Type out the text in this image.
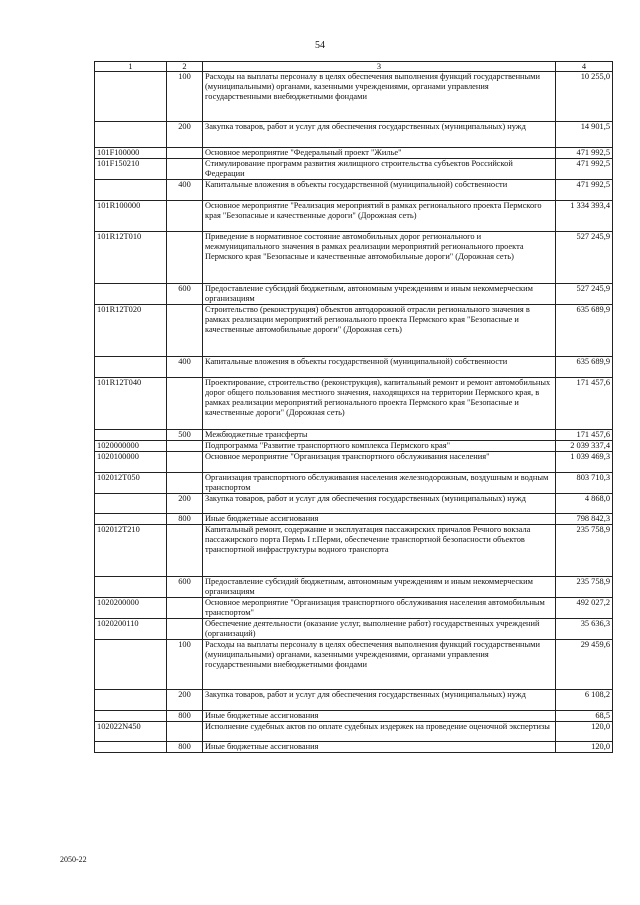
54
1	2	3	4
	100	Расходы на выплаты персоналу в целях обеспечения выполнения функций государственными (муниципальными) органами, казенными учреждениями, органами управления государственными внебюджетными фондами	10 255,0
	200	Закупка товаров, работ и услуг для обеспечения государственных (муниципальных) нужд	14 901,5
101F100000		Основное мероприятие "Федеральный проект "Жилье"	471 992,5
101F150210		Стимулирование программ развития жилищного строительства субъектов Российской Федерации	471 992,5
	400	Капитальные вложения в объекты государственной (муниципальной) собственности	471 992,5
101R100000		Основное мероприятие "Реализация мероприятий в рамках регионального проекта Пермского края "Безопасные и качественные дороги" (Дорожная сеть)	1 334 393,4
101R12T010		Приведение в нормативное состояние автомобильных дорог регионального и межмуниципального значения в рамках реализации мероприятий регионального проекта Пермского края "Безопасные и качественные автомобильные дороги" (Дорожная сеть)	527 245,9
	600	Предоставление субсидий бюджетным, автономным учреждениям и иным некоммерческим организациям	527 245,9
101R12T020		Строительство (реконструкция) объектов автодорожной отрасли регионального значения в рамках реализации мероприятий регионального проекта Пермского края "Безопасные и качественные автомобильные дороги" (Дорожная сеть)	635 689,9
	400	Капитальные вложения в объекты государственной (муниципальной) собственности	635 689,9
101R12T040		Проектирование, строительство (реконструкция), капитальный ремонт и ремонт автомобильных дорог общего пользования местного значения, находящихся на территории Пермского края, в рамках реализации мероприятий регионального проекта Пермского края "Безопасные и качественные дороги" (Дорожная сеть)	171 457,6
	500	Межбюджетные трансферты	171 457,6
1020000000		Подпрограмма "Развитие транспортного комплекса Пермского края"	2 039 337,4
1020100000		Основное мероприятие "Организация транспортного обслуживания населения"	1 039 469,3
102012T050		Организация транспортного обслуживания населения железнодорожным, воздушным и водным транспортом	803 710,3
	200	Закупка товаров, работ и услуг для обеспечения государственных (муниципальных) нужд	4 868,0
	800	Иные бюджетные ассигнования	798 842,3
102012T210		Капитальный ремонт, содержание и эксплуатация пассажирских причалов Речного вокзала пассажирского порта Пермь I г.Перми, обеспечение транспортной безопасности объектов транспортной инфраструктуры водного транспорта	235 758,9
	600	Предоставление субсидий бюджетным, автономным учреждениям и иным некоммерческим организациям	235 758,9
1020200000		Основное мероприятие "Организация транспортного обслуживания населения автомобильным транспортом"	492 027,2
1020200110		Обеспечение деятельности (оказание услуг, выполнение работ) государственных учреждений (организаций)	35 636,3
	100	Расходы на выплаты персоналу в целях обеспечения выполнения функций государственными (муниципальными) органами, казенными учреждениями, органами управления государственными внебюджетными фондами	29 459,6
	200	Закупка товаров, работ и услуг для обеспечения государственных (муниципальных) нужд	6 108,2
	800	Иные бюджетные ассигнования	68,5
102022N450		Исполнение судебных актов по оплате судебных издержек на проведение оценочной экспертизы	120,0
	800	Иные бюджетные ассигнования	120,0
2050-22
